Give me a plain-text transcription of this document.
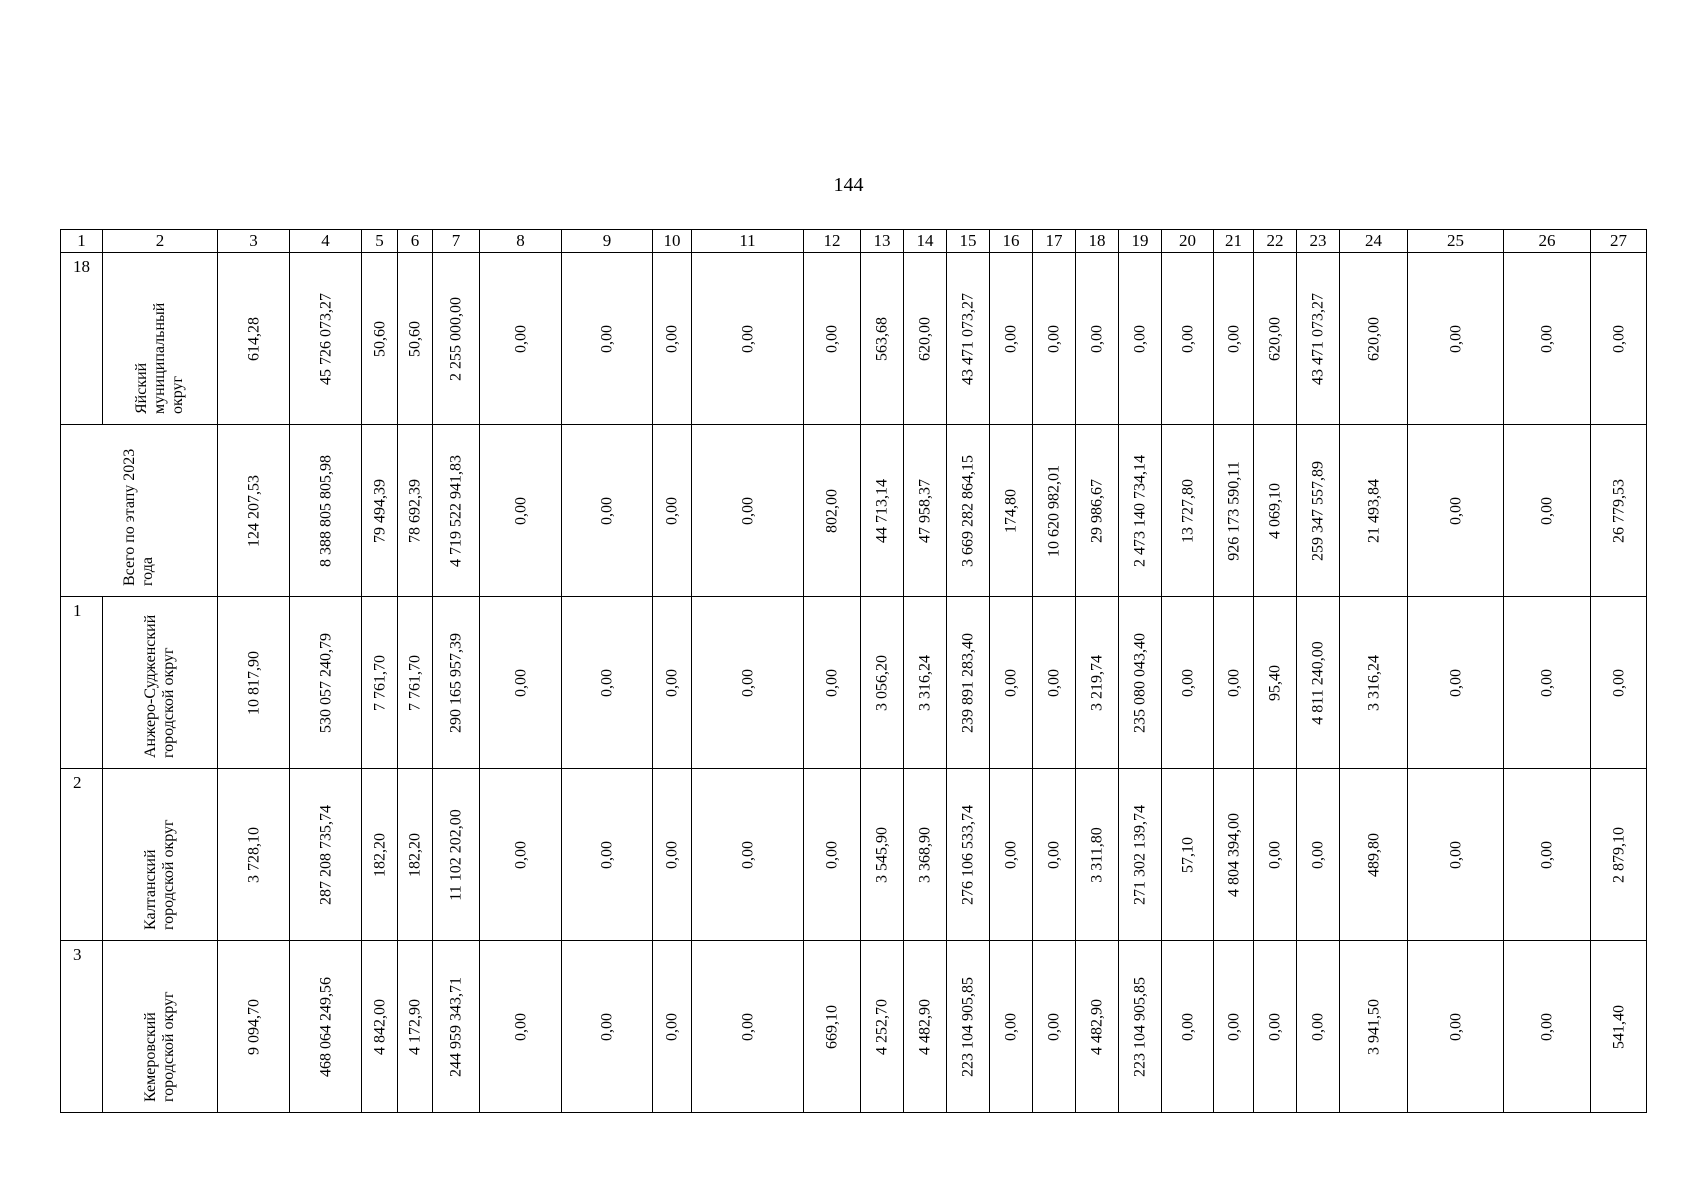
144
1	2	3	4	5	6	7	8	9	10	11	12	13	14	15	16	17	18	19	20	21	22	23	24	25	26	27

18	Яйский муниципальный округ	614,28	45 726 073,27	50,60	50,60	2 255 000,00	0,00	0,00	0,00	0,00	0,00	563,68	620,00	43 471 073,27	0,00	0,00	0,00	0,00	0,00	0,00	620,00	43 471 073,27	620,00	0,00	0,00	0,00

Всего по этапу 2023 года		124 207,53	8 388 805 805,98	79 494,39	78 692,39	4 719 522 941,83	0,00	0,00	0,00	0,00	802,00	44 713,14	47 958,37	3 669 282 864,15	174,80	10 620 982,01	29 986,67	2 473 140 734,14	13 727,80	926 173 590,11	4 069,10	259 347 557,89	21 493,84	0,00	0,00	26 779,53

1	Анжеро-Судженский городской округ	10 817,90	530 057 240,79	7 761,70	7 761,70	290 165 957,39	0,00	0,00	0,00	0,00	0,00	3 056,20	3 316,24	239 891 283,40	0,00	0,00	3 219,74	235 080 043,40	0,00	0,00	95,40	4 811 240,00	3 316,24	0,00	0,00	0,00

2	Калтанский городской округ	3 728,10	287 208 735,74	182,20	182,20	11 102 202,00	0,00	0,00	0,00	0,00	0,00	3 545,90	3 368,90	276 106 533,74	0,00	0,00	3 311,80	271 302 139,74	57,10	4 804 394,00	0,00	0,00	489,80	0,00	0,00	2 879,10

3	Кемеровский городской округ	9 094,70	468 064 249,56	4 842,00	4 172,90	244 959 343,71	0,00	0,00	0,00	0,00	669,10	4 252,70	4 482,90	223 104 905,85	0,00	0,00	4 482,90	223 104 905,85	0,00	0,00	0,00	0,00	3 941,50	0,00	0,00	541,40
